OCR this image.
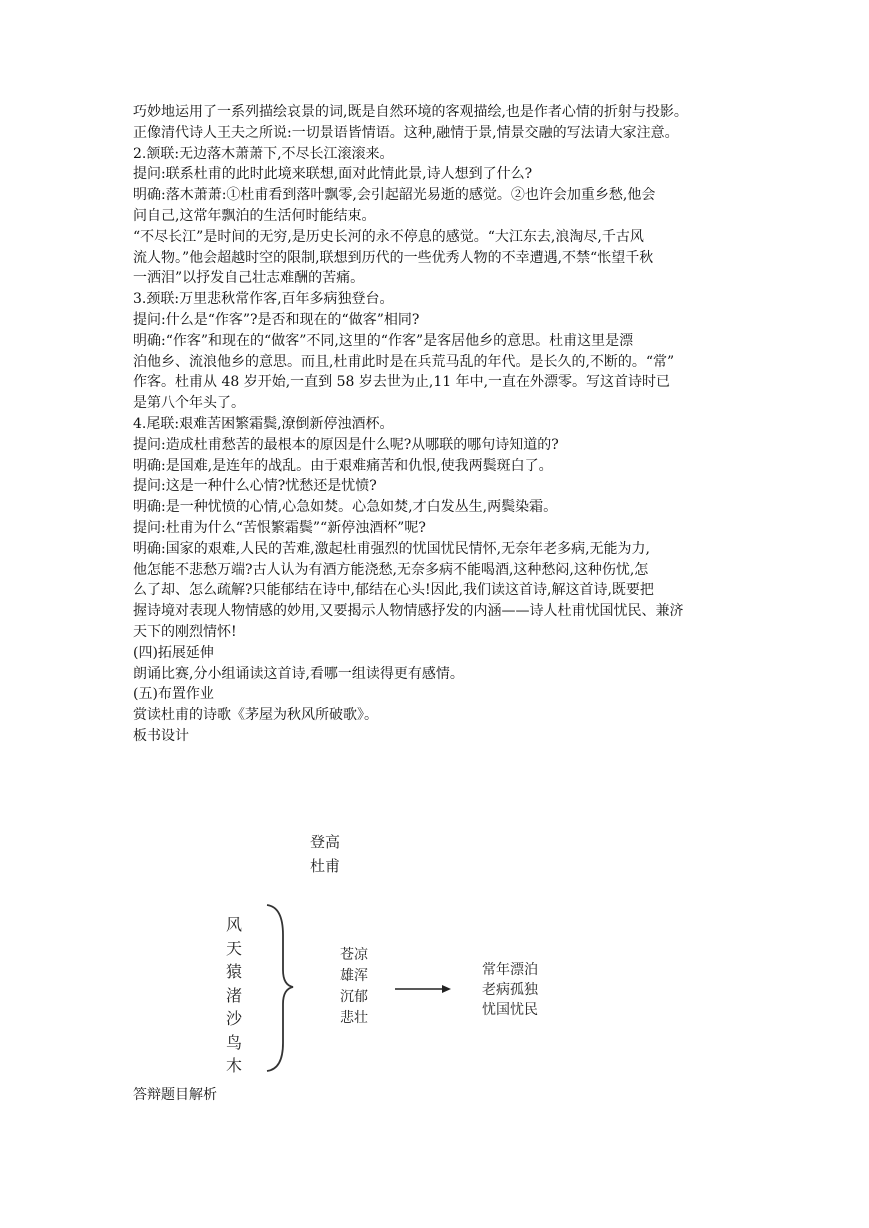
巧妙地运用了一系列描绘哀景的词,既是自然环境的客观描绘,也是作者心情的折射与投影。

正像清代诗人王夫之所说:一切景语皆情语。这种,融情于景,情景交融的写法请大家注意。

2.颔联:无边落木萧萧下,不尽长江滚滚来。

提问:联系杜甫的此时此境来联想,面对此情此景,诗人想到了什么?

明确:落木萧萧:①杜甫看到落叶飘零,会引起韶光易逝的感觉。②也许会加重乡愁,他会

问自己,这常年飘泊的生活何时能结束。

“不尽长江”是时间的无穷,是历史长河的永不停息的感觉。“大江东去,浪淘尽,千古风

流人物。”他会超越时空的限制,联想到历代的一些优秀人物的不幸遭遇,不禁“怅望千秋

一洒泪”以抒发自己壮志难酬的苦痛。

3.颈联:万里悲秋常作客,百年多病独登台。

提问:什么是“作客”?是否和现在的“做客”相同?

明确:“作客”和现在的“做客”不同,这里的“作客”是客居他乡的意思。杜甫这里是漂

泊他乡、流浪他乡的意思。而且,杜甫此时是在兵荒马乱的年代。是长久的,不断的。“常”

作客。杜甫从 48 岁开始,一直到 58 岁去世为止,11 年中,一直在外漂零。写这首诗时已

是第八个年头了。

4.尾联:艰难苦困繁霜鬓,潦倒新停浊酒杯。

提问:造成杜甫愁苦的最根本的原因是什么呢?从哪联的哪句诗知道的?

明确:是国难,是连年的战乱。由于艰难痛苦和仇恨,使我两鬓斑白了。

提问:这是一种什么心情?忧愁还是忧愤?

明确:是一种忧愤的心情,心急如焚。心急如焚,才白发丛生,两鬓染霜。

提问:杜甫为什么“苦恨繁霜鬓”“新停浊酒杯”呢?

明确:国家的艰难,人民的苦难,激起杜甫强烈的忧国忧民情怀,无奈年老多病,无能为力,

他怎能不悲愁万端?古人认为有酒方能浇愁,无奈多病不能喝酒,这种愁闷,这种伤忧,怎

么了却、怎么疏解?只能郁结在诗中,郁结在心头!因此,我们读这首诗,解这首诗,既要把

握诗境对表现人物情感的妙用,又要揭示人物情感抒发的内涵——诗人杜甫忧国忧民、兼济

天下的刚烈情怀!

(四)拓展延伸

朗诵比赛,分小组诵读这首诗,看哪一组读得更有感情。

(五)布置作业

赏读杜甫的诗歌《茅屋为秋风所破歌》。

板书设计

登高
杜甫
风
天
猿
渚
沙
鸟
木
苍凉
雄浑
沉郁
悲壮
常年漂泊
老病孤独
忧国忧民
答辩题目解析
